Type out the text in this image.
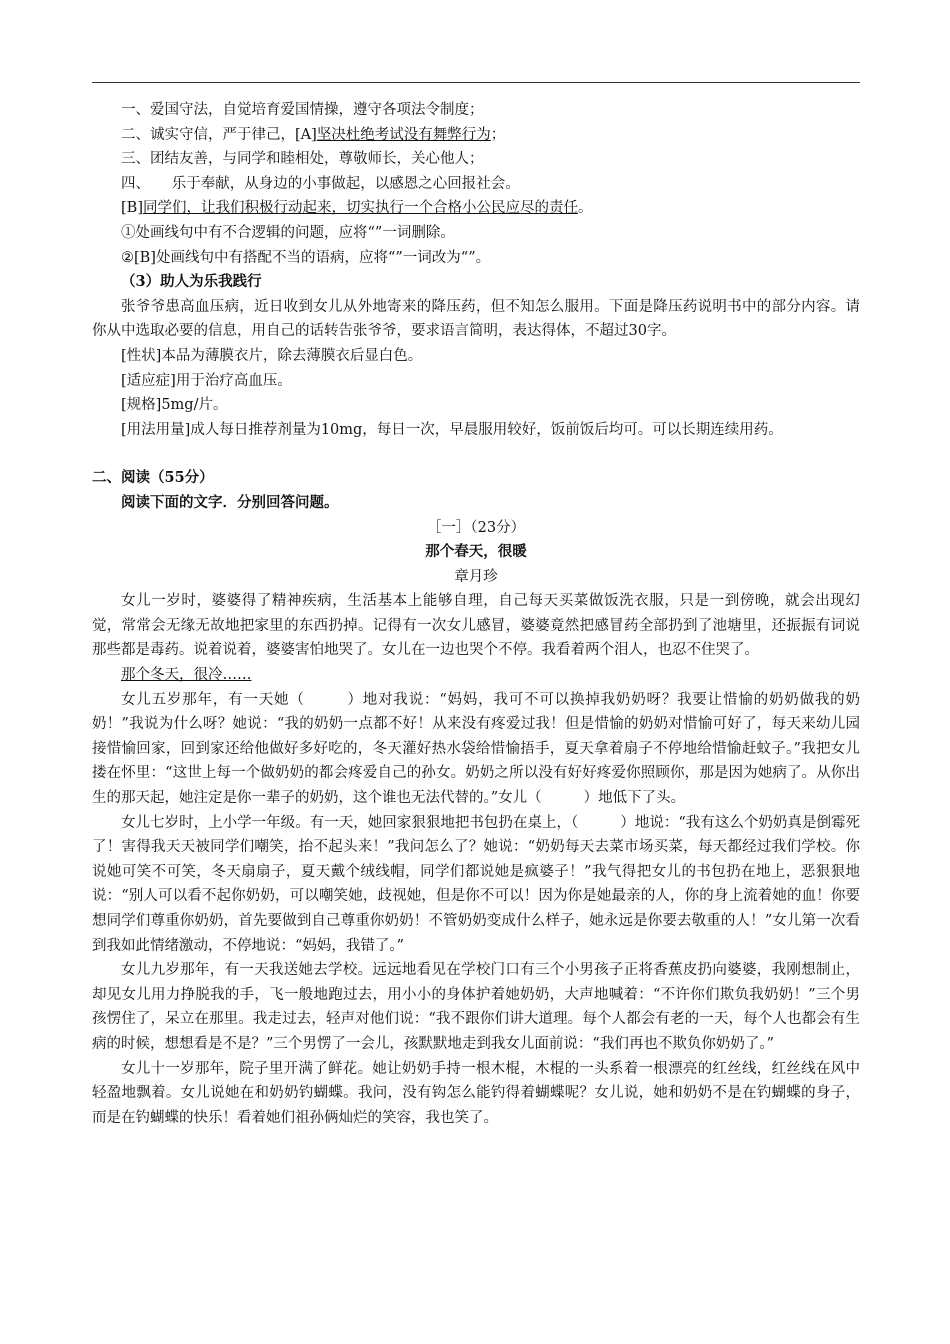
一、爱国守法，自觉培育爱国情操，遵守各项法令制度；
二、诚实守信，严于律己，[A]坚决杜绝考试没有舞弊行为；
三、团结友善，与同学和睦相处，尊敬师长，关心他人；
四、　　乐于奉献，从身边的小事做起，以感恩之心回报社会。
[B]同学们，让我们积极行动起来，切实执行一个合格小公民应尽的责任。
①处画线句中有不合逻辑的问题，应将“”一词删除。
②[B]处画线句中有搭配不当的语病，应将“”一词改为“”。
（3）助人为乐我践行
张爷爷患高血压病，近日收到女儿从外地寄来的降压药，但不知怎么服用。下面是降压药说明书中的部分内容。请你从中选取必要的信息，用自己的话转告张爷爷，要求语言简明，表达得体，不超过30字。
[性状]本品为薄膜衣片，除去薄膜衣后显白色。
[适应症]用于治疗高血压。
[规格]5mg/片。
[用法用量]成人每日推荐剂量为10mg，每日一次，早晨服用较好，饭前饭后均可。可以长期连续用药。
二、阅读（55分）
阅读下面的文字．分别回答问题。
［一］（23分）
那个春天，很暖
章月珍
女儿一岁时，婆婆得了精神疾病，生活基本上能够自理，自己每天买菜做饭洗衣服，只是一到傍晚，就会出现幻觉，常常会无缘无故地把家里的东西扔掉。记得有一次女儿感冒，婆婆竟然把感冒药全部扔到了池塘里，还振振有词说那些都是毒药。说着说着，婆婆害怕地哭了。女儿在一边也哭个不停。我看着两个泪人，也忍不住哭了。
那个冬天，很冷……
女儿五岁那年，有一天她（	）地对我说：“妈妈，我可不可以换掉我奶奶呀？我要让惜愉的奶奶做我的奶奶！”我说为什么呀？她说：“我的奶奶一点都不好！从来没有疼爱过我！但是惜愉的奶奶对惜愉可好了，每天来幼儿园接惜愉回家，回到家还给他做好多好吃的，冬天灌好热水袋给惜愉捂手，夏天拿着扇子不停地给惜愉赶蚊子。”我把女儿搂在怀里：“这世上每一个做奶奶的都会疼爱自己的孙女。奶奶之所以没有好好疼爱你照顾你，那是因为她病了。从你出生的那天起，她注定是你一辈子的奶奶，这个谁也无法代替的。”女儿（	）地低下了头。
女儿七岁时，上小学一年级。有一天，她回家狠狠地把书包扔在桌上，（	）地说：“我有这么个奶奶真是倒霉死了！害得我天天被同学们嘲笑，抬不起头来！”我问怎么了？她说：“奶奶每天去菜市场买菜，每天都经过我们学校。你说她可笑不可笑，冬天扇扇子，夏天戴个绒线帽，同学们都说她是疯婆子！”我气得把女儿的书包扔在地上，恶狠狠地说：“别人可以看不起你奶奶，可以嘲笑她，歧视她，但是你不可以！因为你是她最亲的人，你的身上流着她的血！你要想同学们尊重你奶奶，首先要做到自己尊重你奶奶！不管奶奶变成什么样子，她永远是你要去敬重的人！”女儿第一次看到我如此情绪激动，不停地说：“妈妈，我错了。”
女儿九岁那年，有一天我送她去学校。远远地看见在学校门口有三个小男孩子正将香蕉皮扔向婆婆，我刚想制止，却见女儿用力挣脱我的手，飞一般地跑过去，用小小的身体护着她奶奶，大声地喊着：“不许你们欺负我奶奶！”三个男孩愣住了，呆立在那里。我走过去，轻声对他们说：“我不跟你们讲大道理。每个人都会有老的一天，每个人也都会有生病的时候，想想看是不是？”三个男愣了一会儿，孩默默地走到我女儿面前说：“我们再也不欺负你奶奶了。”
女儿十一岁那年，院子里开满了鲜花。她让奶奶手持一根木棍，木棍的一头系着一根漂亮的红丝线，红丝线在风中轻盈地飘着。女儿说她在和奶奶钓蝴蝶。我问，没有钩怎么能钓得着蝴蝶呢？女儿说，她和奶奶不是在钓蝴蝶的身子，而是在钓蝴蝶的快乐！看着她们祖孙俩灿烂的笑容，我也笑了。
